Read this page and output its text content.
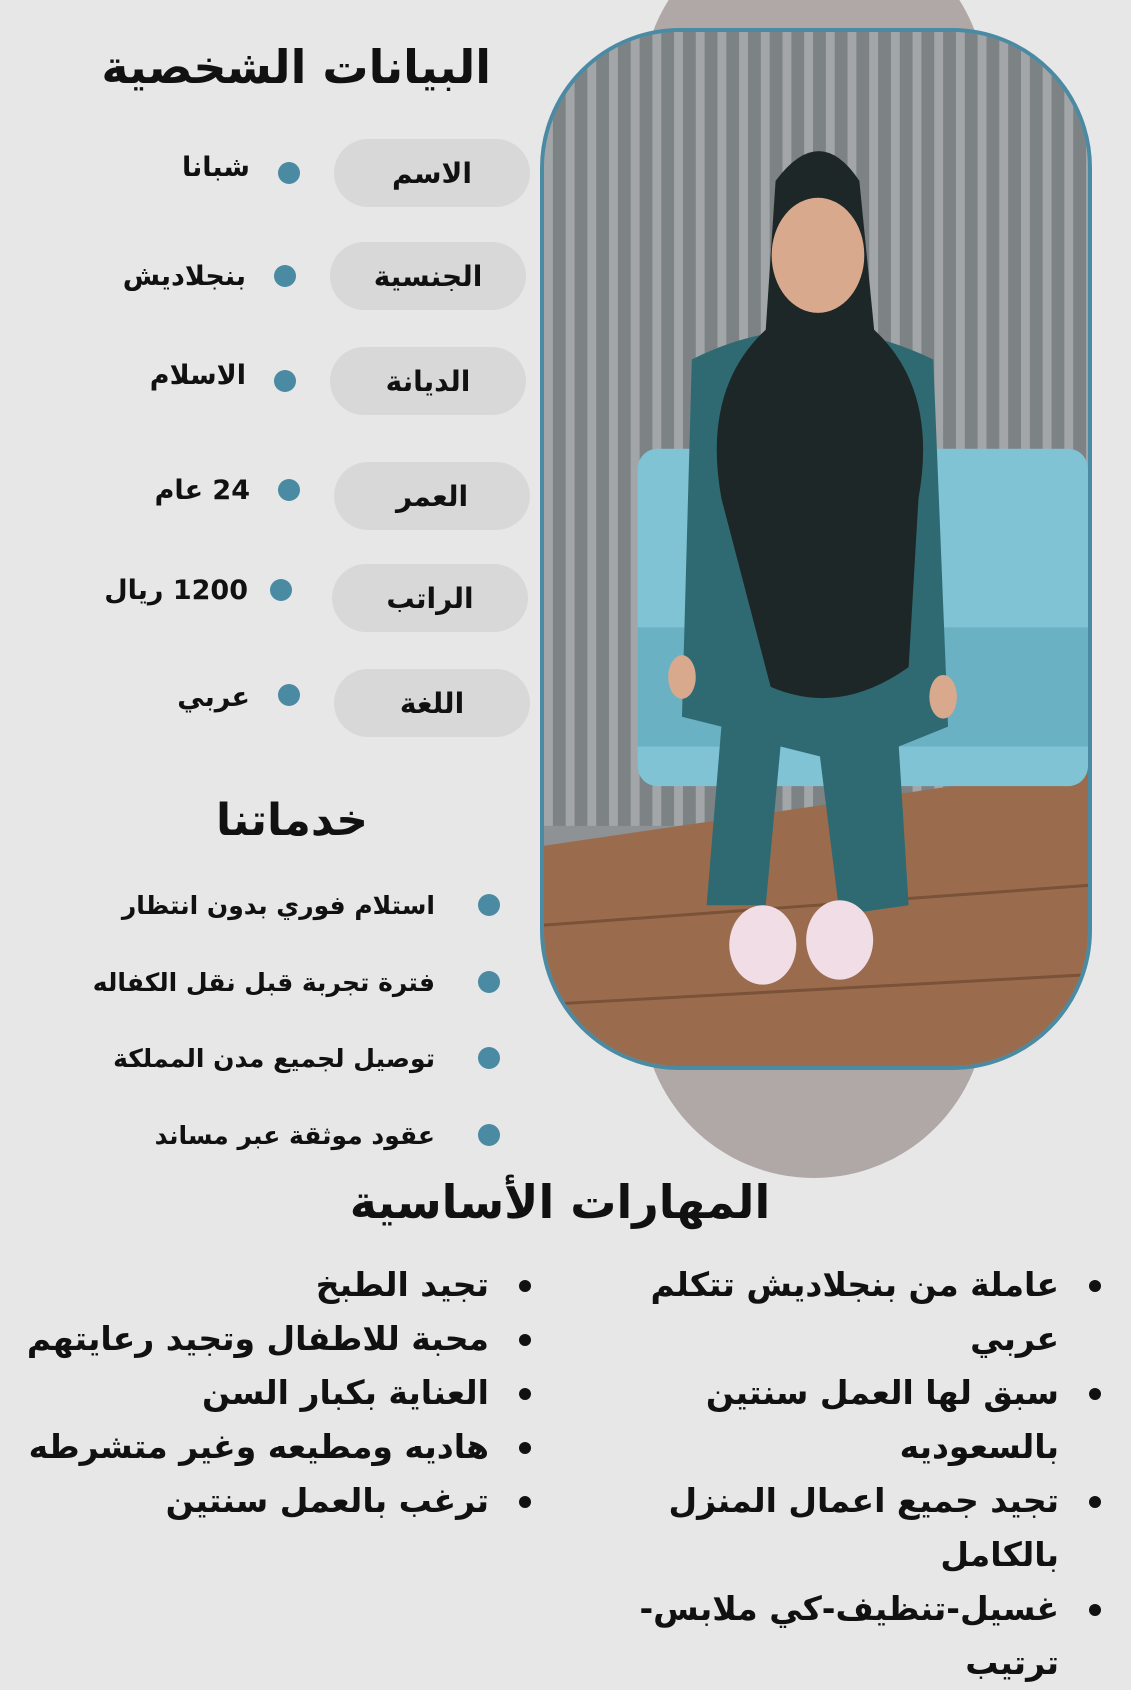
البيانات الشخصية
الاسم
شبانا
الجنسية
بنجلاديش
الديانة
الاسلام
العمر
24 عام
الراتب
1200 ريال
اللغة
عربي
خدماتنا
استلام فوري بدون انتظار
فترة تجربة قبل نقل الكفاله
توصيل لجميع مدن المملكة
عقود موثقة عبر مساند
المهارات الأساسية
عاملة من بنجلاديش تتكلم عربي
سبق لها العمل سنتين بالسعوديه
تجيد جميع اعمال المنزل بالكامل
غسيل-تنظيف-كي ملابس-ترتيب
تجيد الطبخ
محبة للاطفال وتجيد رعايتهم
العناية بكبار السن
هاديه ومطيعه وغير متشرطه
ترغب بالعمل سنتين
